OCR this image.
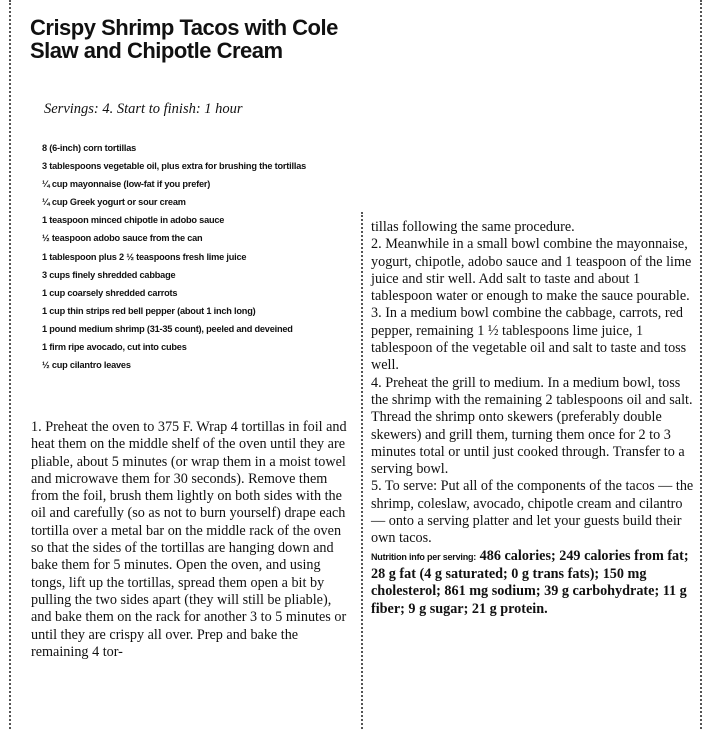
Crispy Shrimp Tacos with Cole Slaw and Chipotle Cream
Servings: 4. Start to finish: 1 hour
8 (6-inch) corn tortillas
3 tablespoons vegetable oil, plus extra for brushing the tortillas
¼ cup mayonnaise (low-fat if you prefer)
¼ cup Greek yogurt or sour cream
1 teaspoon minced chipotle in adobo sauce
½ teaspoon adobo sauce from the can
1 tablespoon plus 2 ½ teaspoons fresh lime juice
3 cups finely shredded cabbage
1 cup coarsely shredded carrots
1 cup thin strips red bell pepper (about 1 inch long)
1 pound medium shrimp (31-35 count), peeled and deveined
1 firm ripe avocado, cut into cubes
½ cup cilantro leaves

1. Preheat the oven to 375 F. Wrap 4 tortillas in foil and heat them on the middle shelf of the oven until they are pliable, about 5 minutes (or wrap them in a moist towel and microwave them for 30 seconds). Remove them from the foil, brush them lightly on both sides with the oil and carefully (so as not to burn yourself) drape each tortilla over a metal bar on the middle rack of the oven so that the sides of the tortillas are hanging down and bake them for 5 minutes. Open the oven, and using tongs, lift up the tortillas, spread them open a bit by pulling the two sides apart (they will still be pliable), and bake them on the rack for another 3 to 5 minutes or until they are crispy all over. Prep and bake the remaining 4 tor-

tillas following the same procedure.

2. Meanwhile in a small bowl combine the mayonnaise, yogurt, chipotle, adobo sauce and 1 teaspoon of the lime juice and stir well. Add salt to taste and about 1 tablespoon water or enough to make the sauce pourable.

3. In a medium bowl combine the cabbage, carrots, red pepper, remaining 1 ½ tablespoons lime juice, 1 tablespoon of the vegetable oil and salt to taste and toss well.

4. Preheat the grill to medium. In a medium bowl, toss the shrimp with the remaining 2 tablespoons oil and salt. Thread the shrimp onto skewers (preferably double skewers) and grill them, turning them once for 2 to 3 minutes total or until just cooked through. Transfer to a serving bowl.

5. To serve: Put all of the components of the tacos — the shrimp, coleslaw, avocado, chipotle cream and cilantro — onto a serving platter and let your guests build their own tacos.

Nutrition info per serving: 486 calories; 249 calories from fat; 28 g fat (4 g saturated; 0 g trans fats); 150 mg cholesterol; 861 mg sodium; 39 g carbohydrate; 11 g fiber; 9 g sugar; 21 g protein.
